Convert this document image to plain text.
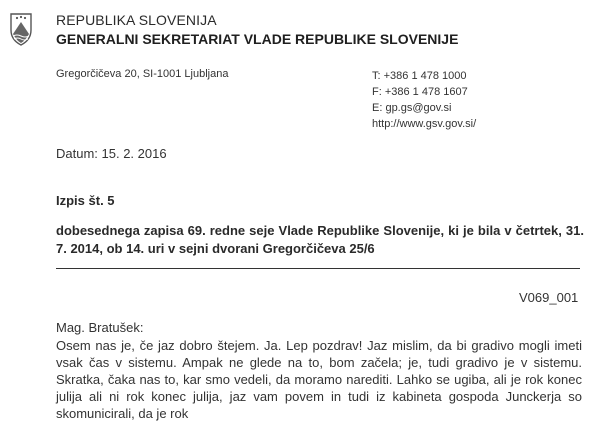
REPUBLIKA SLOVENIJA
GENERALNI SEKRETARIAT VLADE REPUBLIKE SLOVENIJE
Gregorčičeva 20, SI-1001 Ljubljana	T: +386 1 478 1000
F: +386 1 478 1607
E: gp.gs@gov.si
http://www.gsv.gov.si/
Datum: 15. 2. 2016
Izpis št. 5
dobesednega zapisa 69. redne seje Vlade Republike Slovenije, ki je bila v četrtek, 31. 7. 2014, ob 14. uri v sejni dvorani Gregorčičeva 25/6
V069_001
Mag. Bratušek:
Osem nas je, če jaz dobro štejem. Ja. Lep pozdrav! Jaz mislim, da bi gradivo mogli imeti vsak čas v sistemu. Ampak ne glede na to, bom začela; je, tudi gradivo je v sistemu. Skratka, čaka nas to, kar smo vedeli, da moramo narediti. Lahko se ugiba, ali je rok konec julija ali ni rok konec julija, jaz vam povem in tudi iz kabineta gospoda Junckerja so skomunicirali, da je rok
